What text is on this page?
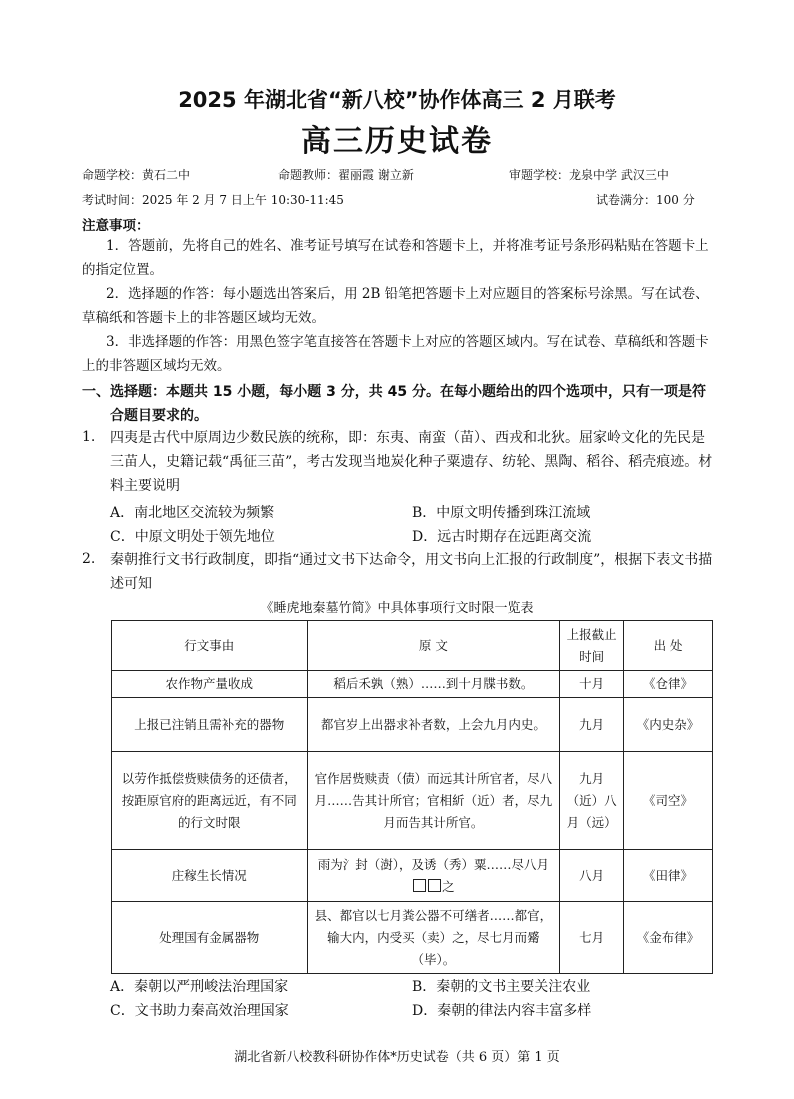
2025 年湖北省“新八校”协作体高三 2 月联考
高三历史试卷
命题学校：黄石二中	命题教师：翟丽霞 谢立新	审题学校：龙泉中学 武汉三中
考试时间：2025 年 2 月 7 日上午 10:30-11:45	试卷满分：100 分
注意事项：
1．答题前，先将自己的姓名、准考证号填写在试卷和答题卡上，并将准考证号条形码粘贴在答题卡上的指定位置。
2．选择题的作答：每小题选出答案后，用 2B 铅笔把答题卡上对应题目的答案标号涂黑。写在试卷、草稿纸和答题卡上的非答题区域均无效。
3．非选择题的作答：用黑色签字笔直接答在答题卡上对应的答题区域内。写在试卷、草稿纸和答题卡上的非答题区域均无效。
一、选择题：本题共 15 小题，每小题 3 分，共 45 分。在每小题给出的四个选项中，只有一项是符合题目要求的。
1. 四夷是古代中原周边少数民族的统称，即：东夷、南蛮（苗）、西戎和北狄。屈家岭文化的先民是三苗人，史籍记载“禹征三苗”，考古发现当地炭化种子粟遗存、纺轮、黑陶、稻谷、稻壳痕迹。材料主要说明
A．南北地区交流较为频繁	B．中原文明传播到珠江流域
C．中原文明处于领先地位	D．远古时期存在远距离交流
2. 秦朝推行文书行政制度，即指“通过文书下达命令，用文书向上汇报的行政制度”，根据下表文书描述可知
《睡虎地秦墓竹简》中具体事项行文时限一览表
行文事由	原 文	上报截止时间	出 处
农作物产量收成	稻后禾孰（熟）……到十月牒书数。	十月	《仓律》
上报已注销且需补充的器物	都官岁上出器求补者数，上会九月内史。	九月	《内史杂》
以劳作抵偿赀赎债务的还债者，按距原官府的距离远近，有不同的行文时限	官作居赀赎责（债）而远其计所官者，尽八月……告其计所官；官相紤（近）者，尽九月而告其计所官。	九月（近）八月（远）	《司空》
庄稼生长情况	雨为氵封（澍），及诱（秀）粟……尽八月之	八月	《田律》
处理国有金属器物	县、都官以七月粪公器不可缮者……都官，输大内，内受买（卖）之，尽七月而觱（毕）。	七月	《金布律》
A．秦朝以严刑峻法治理国家	B．秦朝的文书主要关注农业
C．文书助力秦高效治理国家	D．秦朝的律法内容丰富多样
湖北省新八校教科研协作体*历史试卷（共 6 页）第 1 页
